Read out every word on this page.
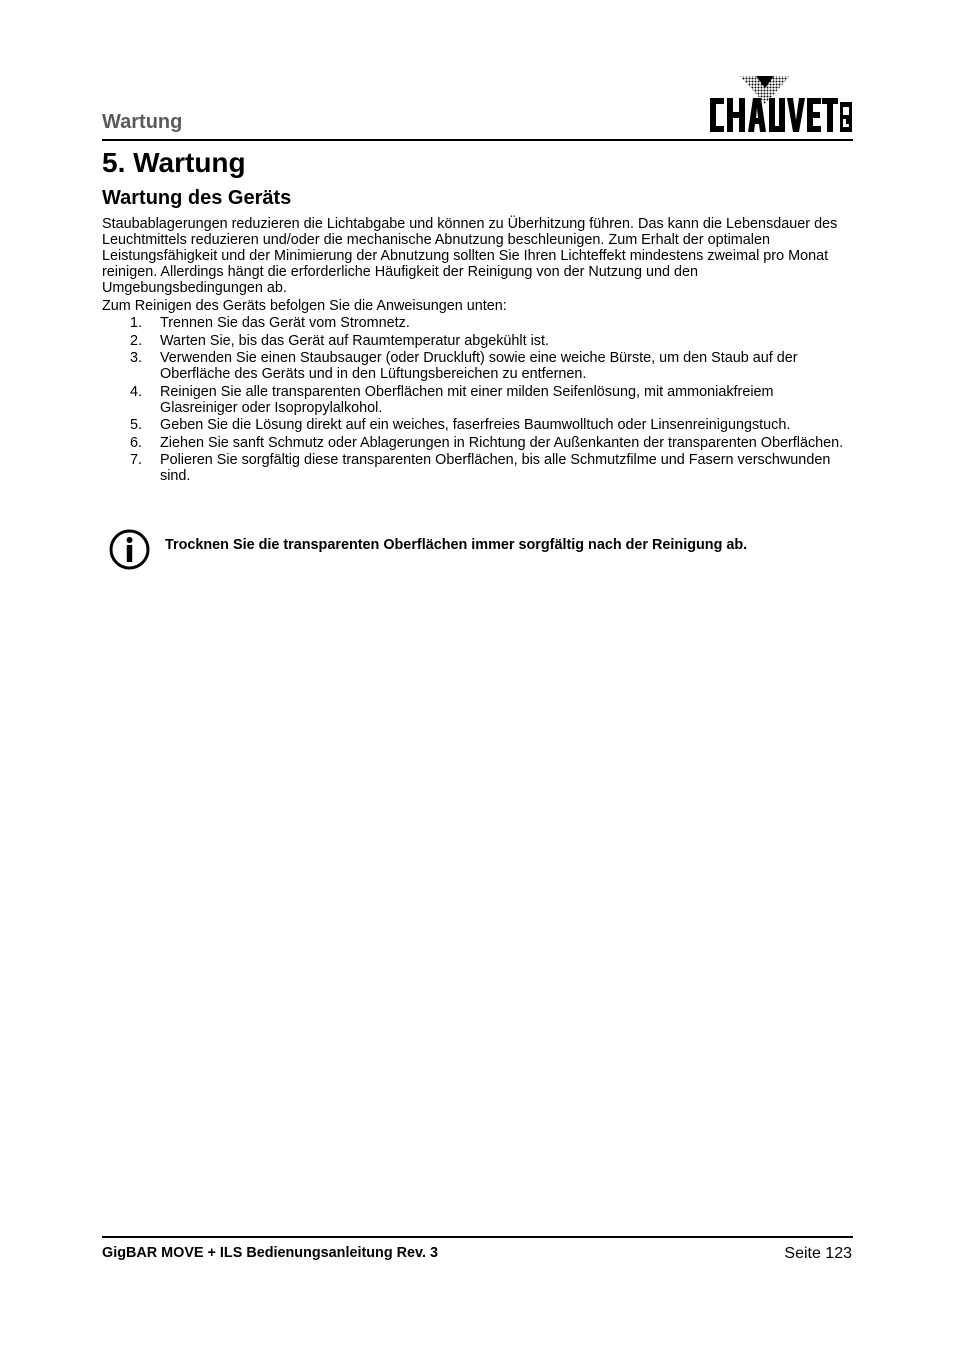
Wartung
5. Wartung
Wartung des Geräts

Staubablagerungen reduzieren die Lichtabgabe und können zu Überhitzung führen. Das kann die Lebensdauer des Leuchtmittels reduzieren und/oder die mechanische Abnutzung beschleunigen. Zum Erhalt der optimalen Leistungsfähigkeit und der Minimierung der Abnutzung sollten Sie Ihren Lichteffekt mindestens zweimal pro Monat reinigen. Allerdings hängt die erforderliche Häufigkeit der Reinigung von der Nutzung und den Umgebungsbedingungen ab.

Zum Reinigen des Geräts befolgen Sie die Anweisungen unten:

1. Trennen Sie das Gerät vom Stromnetz.
2. Warten Sie, bis das Gerät auf Raumtemperatur abgekühlt ist.
3. Verwenden Sie einen Staubsauger (oder Druckluft) sowie eine weiche Bürste, um den Staub auf der Oberfläche des Geräts und in den Lüftungsbereichen zu entfernen.
4. Reinigen Sie alle transparenten Oberflächen mit einer milden Seifenlösung, mit ammoniakfreiem Glasreiniger oder Isopropylalkohol.
5. Geben Sie die Lösung direkt auf ein weiches, faserfreies Baumwolltuch oder Linsenreinigungstuch.
6. Ziehen Sie sanft Schmutz oder Ablagerungen in Richtung der Außenkanten der transparenten Oberflächen.
7. Polieren Sie sorgfältig diese transparenten Oberflächen, bis alle Schmutzfilme und Fasern verschwunden sind.

Trocknen Sie die transparenten Oberflächen immer sorgfältig nach der Reinigung ab.

GigBAR MOVE + ILS Bedienungsanleitung Rev. 3	Seite 123
